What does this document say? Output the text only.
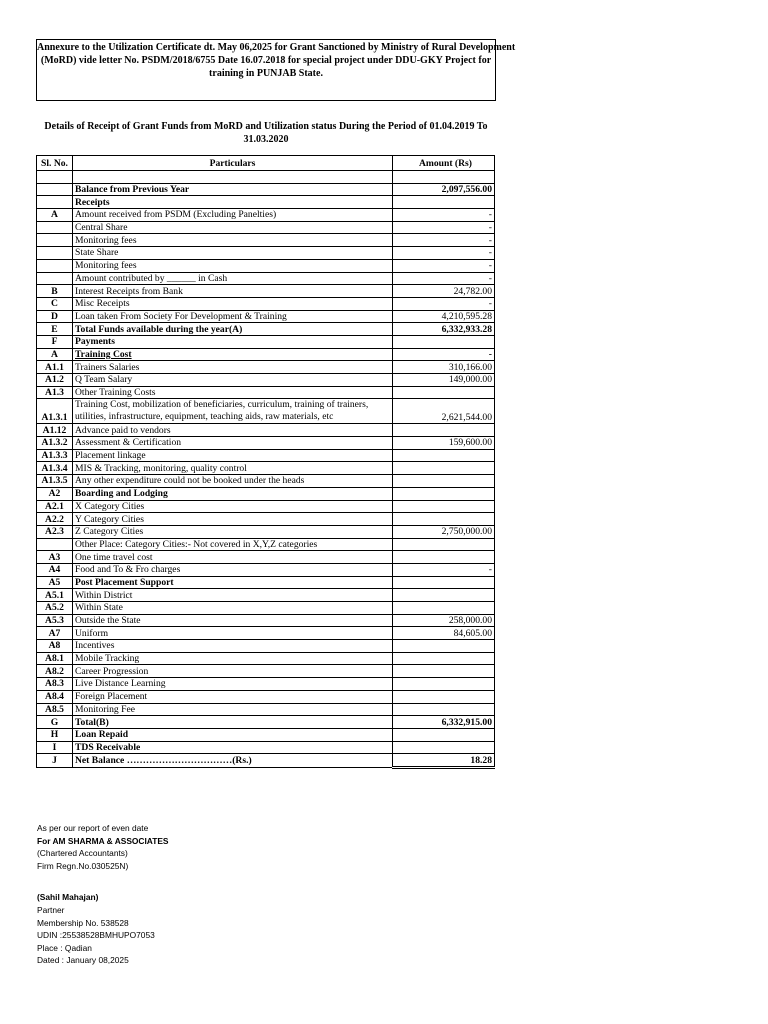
Annexure to the Utilization Certificate dt. May 06,2025 for Grant Sanctioned by Ministry of Rural Development
(MoRD) vide letter No. PSDM/2018/6755 Date 16.07.2018 for special project under DDU-GKY Project for
training in PUNJAB State.
Details of Receipt of Grant Funds from MoRD and Utilization status During the Period of 01.04.2019 To
31.03.2020
Sl. No.	Particulars	Amount (Rs)

	Balance from Previous Year	2,097,556.00
	Receipts	
A	Amount received from PSDM (Excluding Panelties)	-
	Central Share	-
	Monitoring fees	-
	State Share	-
	Monitoring fees	-
	Amount contributed by ______ in Cash	-
B	Interest Receipts from Bank	24,782.00
C	Misc Receipts	-
D	Loan taken From Society For Development & Training	4,210,595.28
E	Total Funds available during the year(A)	6,332,933.28
F	Payments	
A	Training Cost	-
A1.1	Trainers Salaries	310,166.00
A1.2	Q Team Salary	149,000.00
A1.3	Other Training Costs	
A1.3.1	Training Cost, mobilization of beneficiaries, curriculum, training of trainers, utilities, infrastructure, equipment, teaching aids, raw materials, etc	2,621,544.00
A1.12	Advance paid to vendors	
A1.3.2	Assessment & Certification	159,600.00
A1.3.3	Placement linkage	
A1.3.4	MIS & Tracking, monitoring, quality control	
A1.3.5	Any other expenditure could not be booked under the heads	
A2	Boarding and Lodging	
A2.1	X Category Cities	
A2.2	Y Category Cities	
A2.3	Z Category Cities	2,750,000.00
	Other Place: Category Cities:- Not covered in X,Y,Z categories	
A3	One time travel cost	
A4	Food and To & Fro charges	-
A5	Post Placement Support	
A5.1	Within District	
A5.2	Within State	
A5.3	Outside the State	258,000.00
A7	Uniform	84,605.00
A8	Incentives	
A8.1	Mobile Tracking	
A8.2	Career Progression	
A8.3	Live Distance Learning	
A8.4	Foreign Placement	
A8.5	Monitoring Fee	
G	Total(B)	6,332,915.00
H	Loan Repaid	
I	TDS Receivable	
J	Net Balance ……………………………(Rs.)	18.28
As per our report of even date
For AM SHARMA & ASSOCIATES
(Chartered Accountants)
Firm Regn.No.030525N)
(Sahil Mahajan)
Partner
Membership No. 538528
UDIN :25538528BMHUPO7053
Place : Qadian
Dated : January 08,2025
